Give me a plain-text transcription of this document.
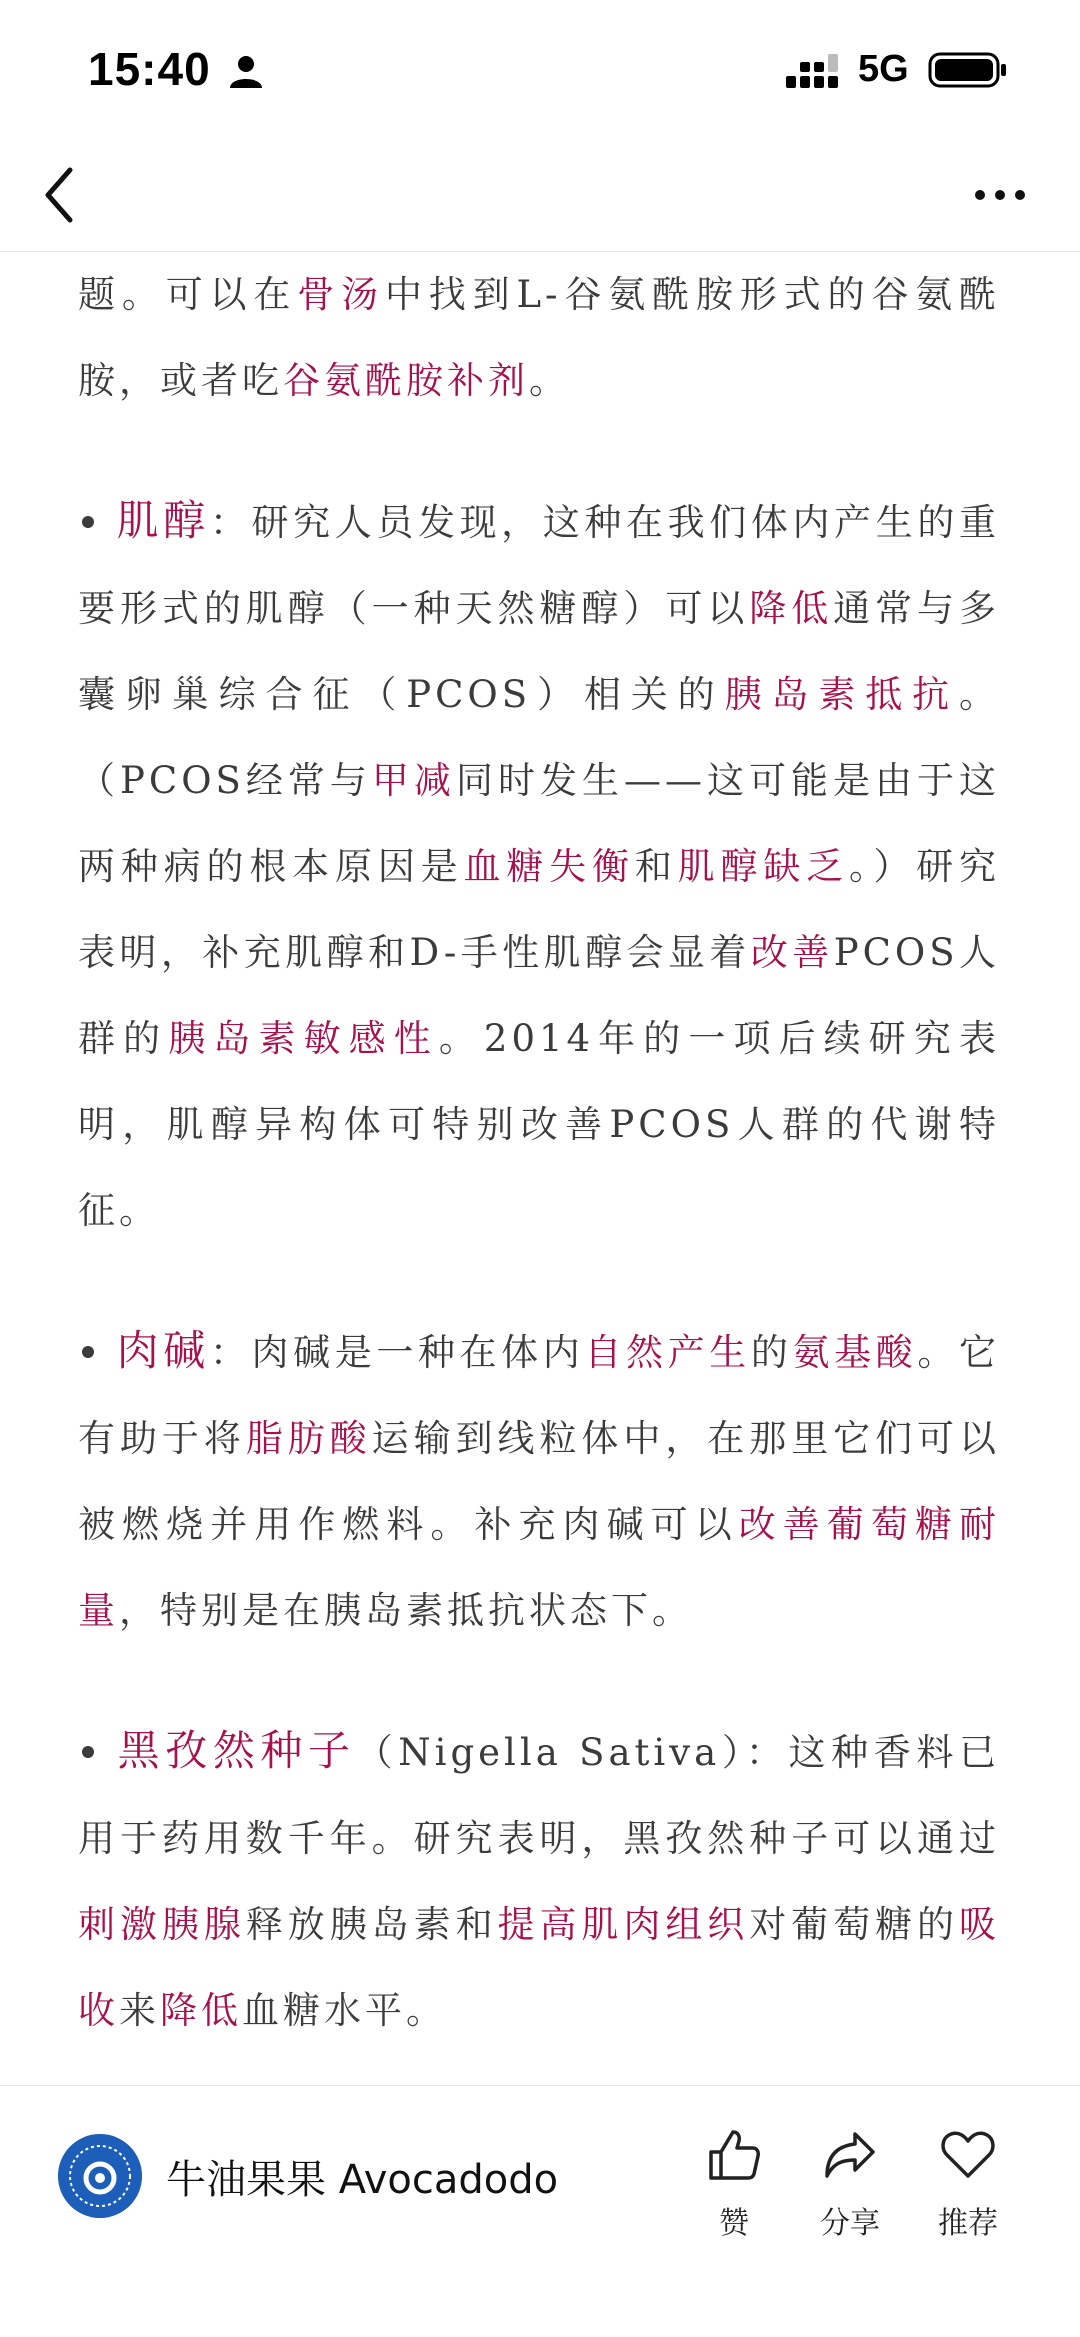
15:40	5G

题。可以在骨汤中找到L-谷氨酰胺形式的谷氨酰胺，或者吃谷氨酰胺补剂。

肌醇：研究人员发现，这种在我们体内产生的重要形式的肌醇（一种天然糖醇）可以降低通常与多囊卵巢综合征（PCOS）相关的胰岛素抵抗。（PCOS经常与甲减同时发生——这可能是由于这两种病的根本原因是血糖失衡和肌醇缺乏。）研究表明，补充肌醇和D-手性肌醇会显着改善PCOS人群的胰岛素敏感性。2014年的一项后续研究表明，肌醇异构体可特别改善PCOS人群的代谢特征。

肉碱：肉碱是一种在体内自然产生的氨基酸。它有助于将脂肪酸运输到线粒体中，在那里它们可以被燃烧并用作燃料。补充肉碱可以改善葡萄糖耐量，特别是在胰岛素抵抗状态下。

黑孜然种子（Nigella Sativa）：这种香料已用于药用数千年。研究表明，黑孜然种子可以通过刺激胰腺释放胰岛素和提高肌肉组织对葡萄糖的吸收来降低血糖水平。

牛油果果 Avocadodo
赞	分享	推荐
